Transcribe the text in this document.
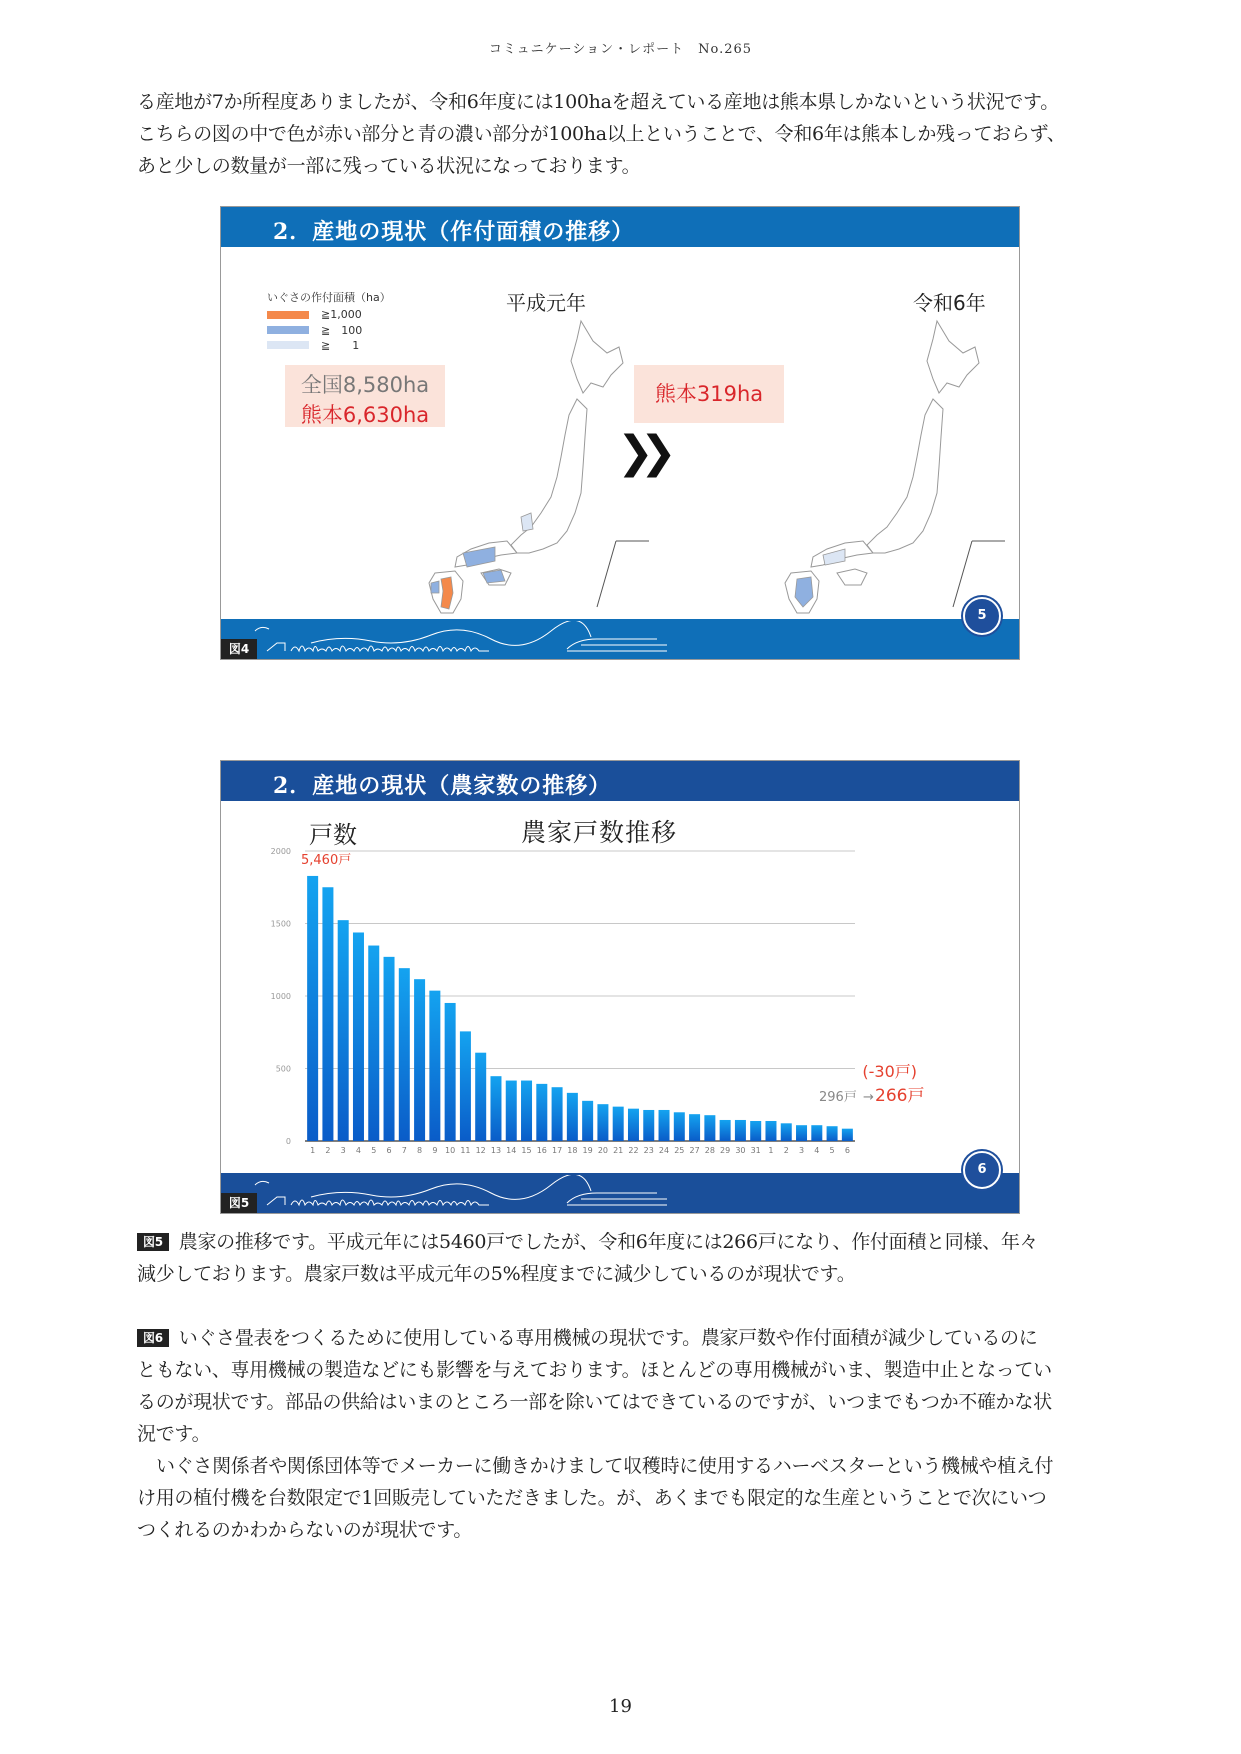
コミュニケーション・レポート　No.265

る産地が7か所程度ありましたが、令和6年度には100haを超えている産地は熊本県しかないという状況です。
こちらの図の中で色が赤い部分と青の濃い部分が100ha以上ということで、令和6年は熊本しか残っておらず、
あと少しの数量が一部に残っている状況になっております。

2．産地の現状（作付面積の推移）
いぐさの作付面積（ha）
≧1,000
≧　100
≧　　1
平成元年	令和6年
全国8,580ha
熊本6,630ha
❯❯
熊本319ha
5
図4
2．産地の現状（農家数の推移）
戸数	農家戸数推移
0
500
1000
1500
2000
1 2 3 4 5 6 7 8 9 10 11 12 13 14 15 16 17 18 19 20 21 22 23 24 25 27 28 29 30 31 1 2 3 4 5 6
5,460戸
(-30戸)
296戸 → 266戸
6
図5

図5 農家の推移です。平成元年には5460戸でしたが、令和6年度には266戸になり、作付面積と同様、年々
減少しております。農家戸数は平成元年の5%程度までに減少しているのが現状です。

図6 いぐさ畳表をつくるために使用している専用機械の現状です。農家戸数や作付面積が減少しているのに
ともない、専用機械の製造などにも影響を与えております。ほとんどの専用機械がいま、製造中止となってい
るのが現状です。部品の供給はいまのところ一部を除いてはできているのですが、いつまでもつか不確かな状
況です。
いぐさ関係者や関係団体等でメーカーに働きかけまして収穫時に使用するハーベスターという機械や植え付
け用の植付機を台数限定で1回販売していただきました。が、あくまでも限定的な生産ということで次にいつ
つくれるのかわからないのが現状です。

19
